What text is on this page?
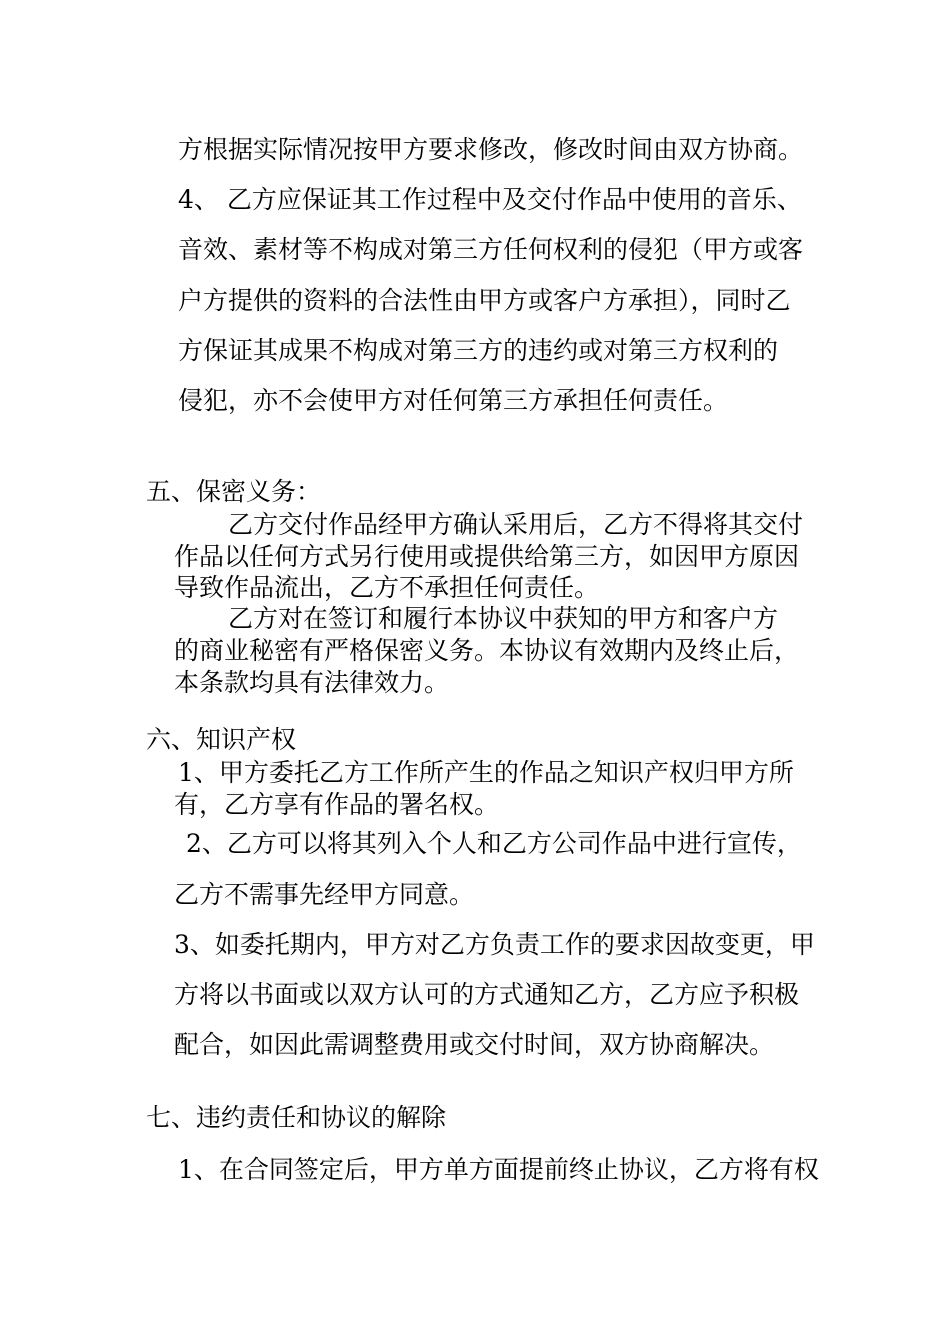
方根据实际情况按甲方要求修改，修改时间由双方协商。
4、 乙方应保证其工作过程中及交付作品中使用的音乐、
音效、素材等不构成对第三方任何权利的侵犯（甲方或客
户方提供的资料的合法性由甲方或客户方承担），同时乙
方保证其成果不构成对第三方的违约或对第三方权利的
侵犯，亦不会使甲方对任何第三方承担任何责任。
五、保密义务：
乙方交付作品经甲方确认采用后，乙方不得将其交付
作品以任何方式另行使用或提供给第三方，如因甲方原因
导致作品流出，乙方不承担任何责任。
乙方对在签订和履行本协议中获知的甲方和客户方
的商业秘密有严格保密义务。本协议有效期内及终止后，
本条款均具有法律效力。
六、知识产权
1、甲方委托乙方工作所产生的作品之知识产权归甲方所
有，乙方享有作品的署名权。
2、乙方可以将其列入个人和乙方公司作品中进行宣传，
乙方不需事先经甲方同意。
3、如委托期内，甲方对乙方负责工作的要求因故变更，甲
方将以书面或以双方认可的方式通知乙方，乙方应予积极
配合，如因此需调整费用或交付时间，双方协商解决。
七、违约责任和协议的解除
1、在合同签定后，甲方单方面提前终止协议，乙方将有权
